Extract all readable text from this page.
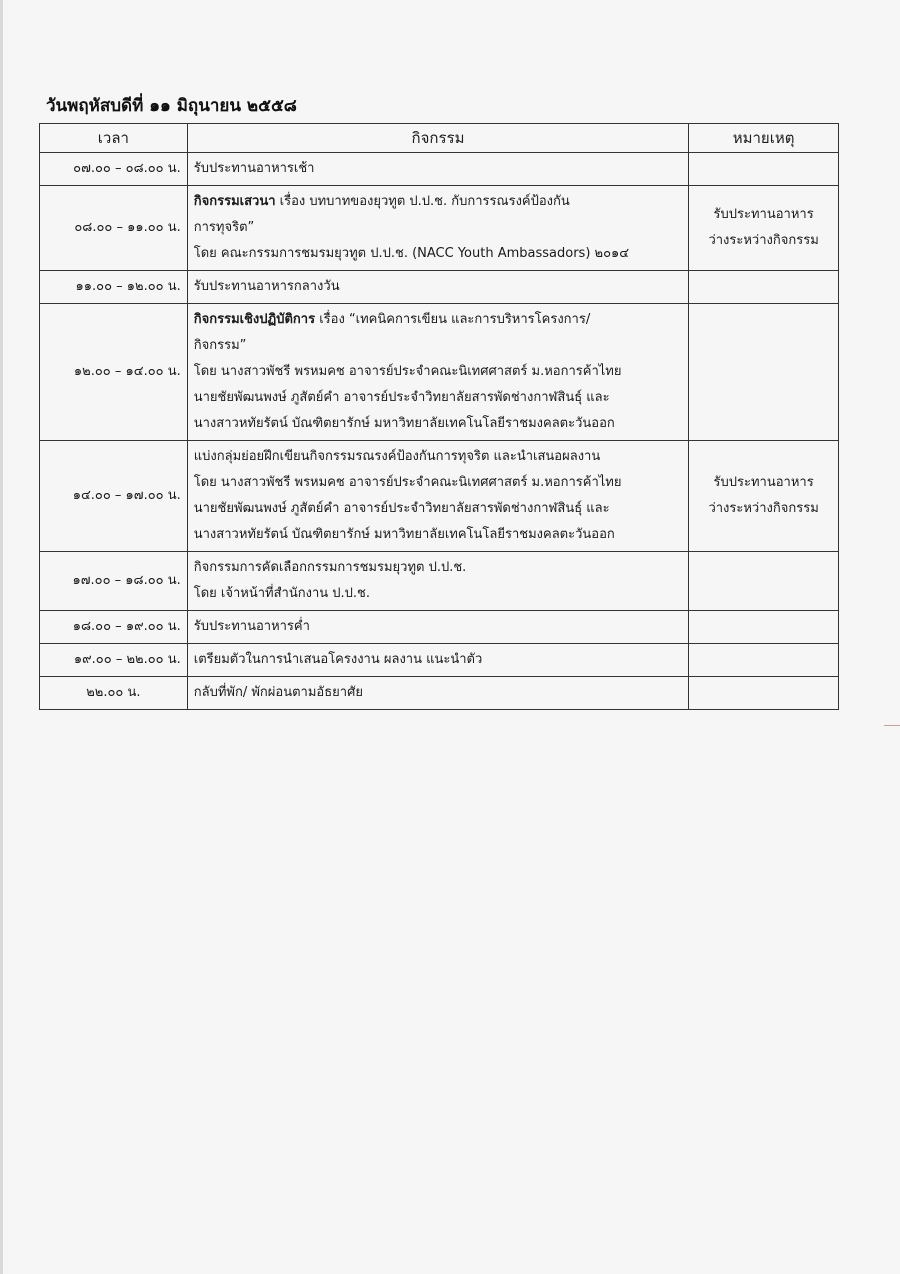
วันพฤหัสบดีที่ ๑๑ มิถุนายน ๒๕๕๘
เวลา	กิจกรรม	หมายเหตุ
๐๗.๐๐ – ๐๘.๐๐ น.	รับประทานอาหารเช้า	

๐๘.๐๐ – ๑๑.๐๐ น.	กิจกรรมเสวนา เรื่อง บทบาทของยุวทูต ป.ป.ช. กับการรณรงค์ป้องกัน
การทุจริต”
โดย คณะกรรมการชมรมยุวทูต ป.ป.ช. (NACC Youth Ambassadors) ๒๐๑๔	รับประทานอาหาร
ว่างระหว่างกิจกรรม

๑๑.๐๐ – ๑๒.๐๐ น.	รับประทานอาหารกลางวัน	

๑๒.๐๐ – ๑๔.๐๐ น.	กิจกรรมเชิงปฏิบัติการ เรื่อง “เทคนิคการเขียน และการบริหารโครงการ/
กิจกรรม”
โดย นางสาวพัชรี พรหมคช อาจารย์ประจำคณะนิเทศศาสตร์ ม.หอการค้าไทย
นายชัยพัฒนพงษ์ ภูสัตย์คำ อาจารย์ประจำวิทยาลัยสารพัดช่างกาฬสินธุ์ และ
นางสาวหทัยรัตน์ บัณฑิตยารักษ์ มหาวิทยาลัยเทคโนโลยีราชมงคลตะวันออก	

๑๔.๐๐ – ๑๗.๐๐ น.	แบ่งกลุ่มย่อยฝึกเขียนกิจกรรมรณรงค์ป้องกันการทุจริต และนำเสนอผลงาน
โดย นางสาวพัชรี พรหมคช อาจารย์ประจำคณะนิเทศศาสตร์ ม.หอการค้าไทย
นายชัยพัฒนพงษ์ ภูสัตย์คำ อาจารย์ประจำวิทยาลัยสารพัดช่างกาฬสินธุ์ และ
นางสาวหทัยรัตน์ บัณฑิตยารักษ์ มหาวิทยาลัยเทคโนโลยีราชมงคลตะวันออก	รับประทานอาหาร
ว่างระหว่างกิจกรรม

๑๗.๐๐ – ๑๘.๐๐ น.	กิจกรรมการคัดเลือกกรรมการชมรมยุวทูต ป.ป.ช.
โดย เจ้าหน้าที่สำนักงาน ป.ป.ช.	

๑๘.๐๐ – ๑๙.๐๐ น.	รับประทานอาหารค่ำ	

๑๙.๐๐ – ๒๒.๐๐ น.	เตรียมตัวในการนำเสนอโครงงาน ผลงาน แนะนำตัว	

๒๒.๐๐ น.	กลับที่พัก/ พักผ่อนตามอัธยาศัย	
